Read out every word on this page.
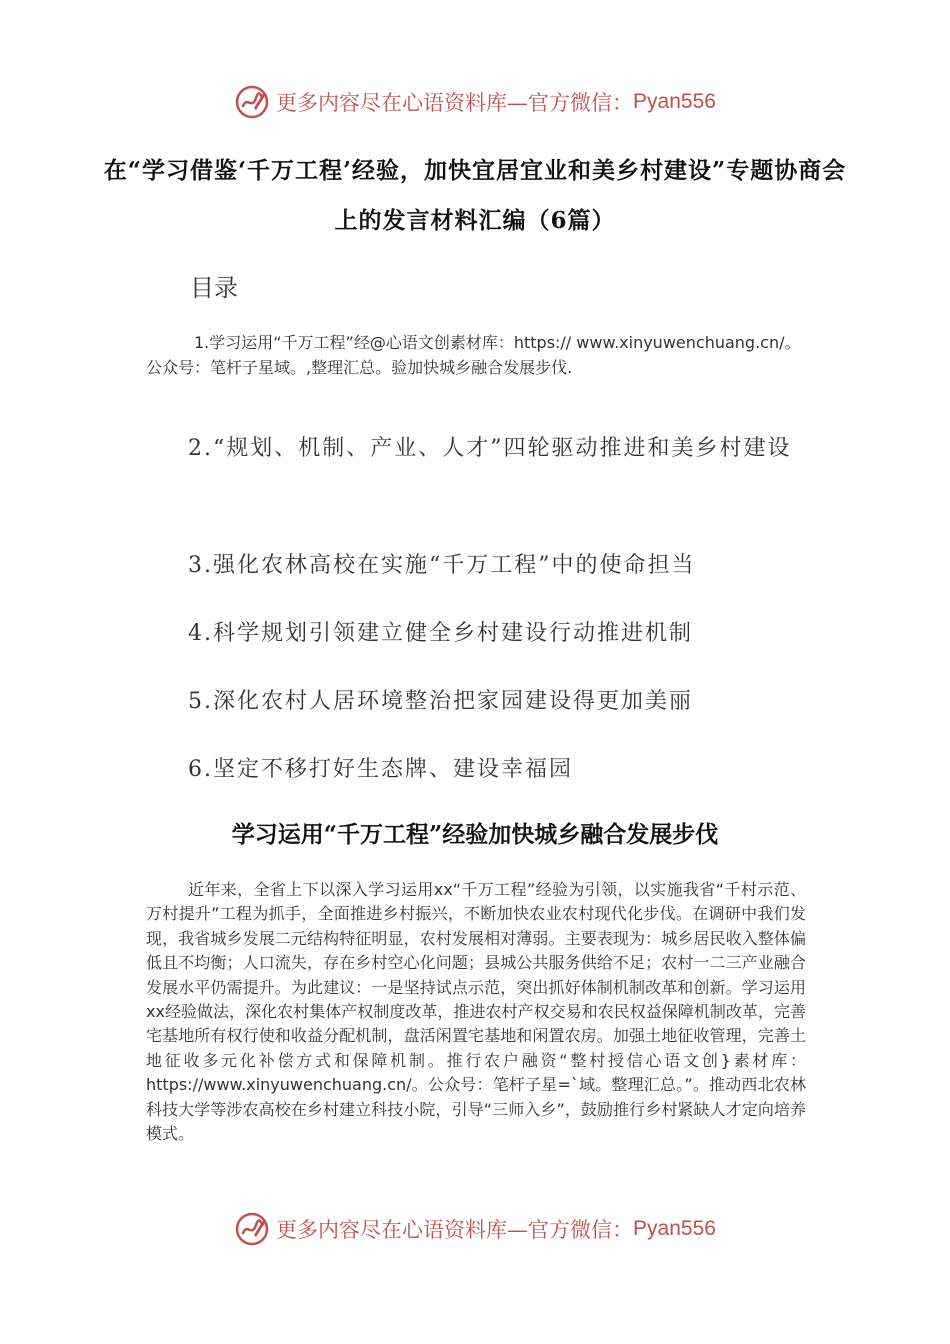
更多内容尽在心语资料库—官方微信： Pyan556
在“学习借鉴‘千万工程’经验，加快宜居宜业和美乡村建设”专题协商会上的发言材料汇编（6篇）
目录
1.学习运用“千万工程”经@心语文创素材库：https:// www.xinyuwenchuang.cn/。公众号：笔杆子星域。,整理汇总。验加快城乡融合发展步伐.
2.“规划、机制、产业、人才”四轮驱动推进和美乡村建设
3.强化农林高校在实施“千万工程”中的使命担当
4.科学规划引领建立健全乡村建设行动推进机制
5.深化农村人居环境整治把家园建设得更加美丽
6.坚定不移打好生态牌、建设幸福园
学习运用“千万工程”经验加快城乡融合发展步伐
近年来，全省上下以深入学习运用xx“千万工程”经验为引领，以实施我省“千村示范、万村提升”工程为抓手，全面推进乡村振兴，不断加快农业农村现代化步伐。在调研中我们发现，我省城乡发展二元结构特征明显，农村发展相对薄弱。主要表现为：城乡居民收入整体偏低且不均衡；人口流失，存在乡村空心化问题；县城公共服务供给不足；农村一二三产业融合发展水平仍需提升。为此建议：一是坚持试点示范，突出抓好体制机制改革和创新。学习运用xx经验做法，深化农村集体产权制度改革，推进农村产权交易和农民权益保障机制改革，完善宅基地所有权行使和收益分配机制，盘活闲置宅基地和闲置农房。加强土地征收管理，完善土地征收多元化补偿方式和保障机制。推行农户融资“整村授信心语文创}素材库：https://www.xinyuwenchuang.cn/。公众号：笔杆子星=`域。整理汇总。”。推动西北农林科技大学等涉农高校在乡村建立科技小院，引导“三师入乡”，鼓励推行乡村紧缺人才定向培养模式。
更多内容尽在心语资料库—官方微信： Pyan556
